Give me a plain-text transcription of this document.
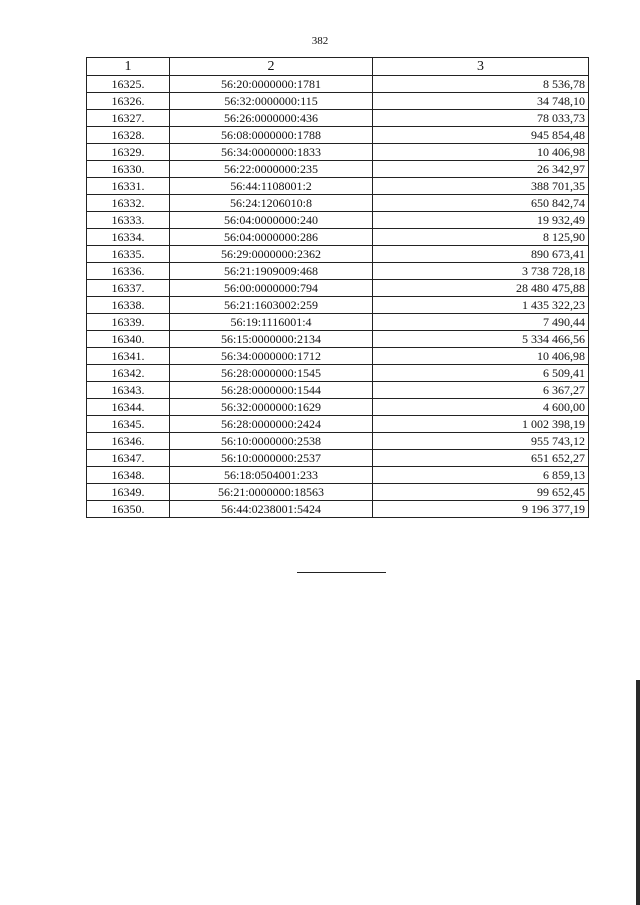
382
1	2	3
16325.	56:20:0000000:1781	8 536,78
16326.	56:32:0000000:115	34 748,10
16327.	56:26:0000000:436	78 033,73
16328.	56:08:0000000:1788	945 854,48
16329.	56:34:0000000:1833	10 406,98
16330.	56:22:0000000:235	26 342,97
16331.	56:44:1108001:2	388 701,35
16332.	56:24:1206010:8	650 842,74
16333.	56:04:0000000:240	19 932,49
16334.	56:04:0000000:286	8 125,90
16335.	56:29:0000000:2362	890 673,41
16336.	56:21:1909009:468	3 738 728,18
16337.	56:00:0000000:794	28 480 475,88
16338.	56:21:1603002:259	1 435 322,23
16339.	56:19:1116001:4	7 490,44
16340.	56:15:0000000:2134	5 334 466,56
16341.	56:34:0000000:1712	10 406,98
16342.	56:28:0000000:1545	6 509,41
16343.	56:28:0000000:1544	6 367,27
16344.	56:32:0000000:1629	4 600,00
16345.	56:28:0000000:2424	1 002 398,19
16346.	56:10:0000000:2538	955 743,12
16347.	56:10:0000000:2537	651 652,27
16348.	56:18:0504001:233	6 859,13
16349.	56:21:0000000:18563	99 652,45
16350.	56:44:0238001:5424	9 196 377,19
